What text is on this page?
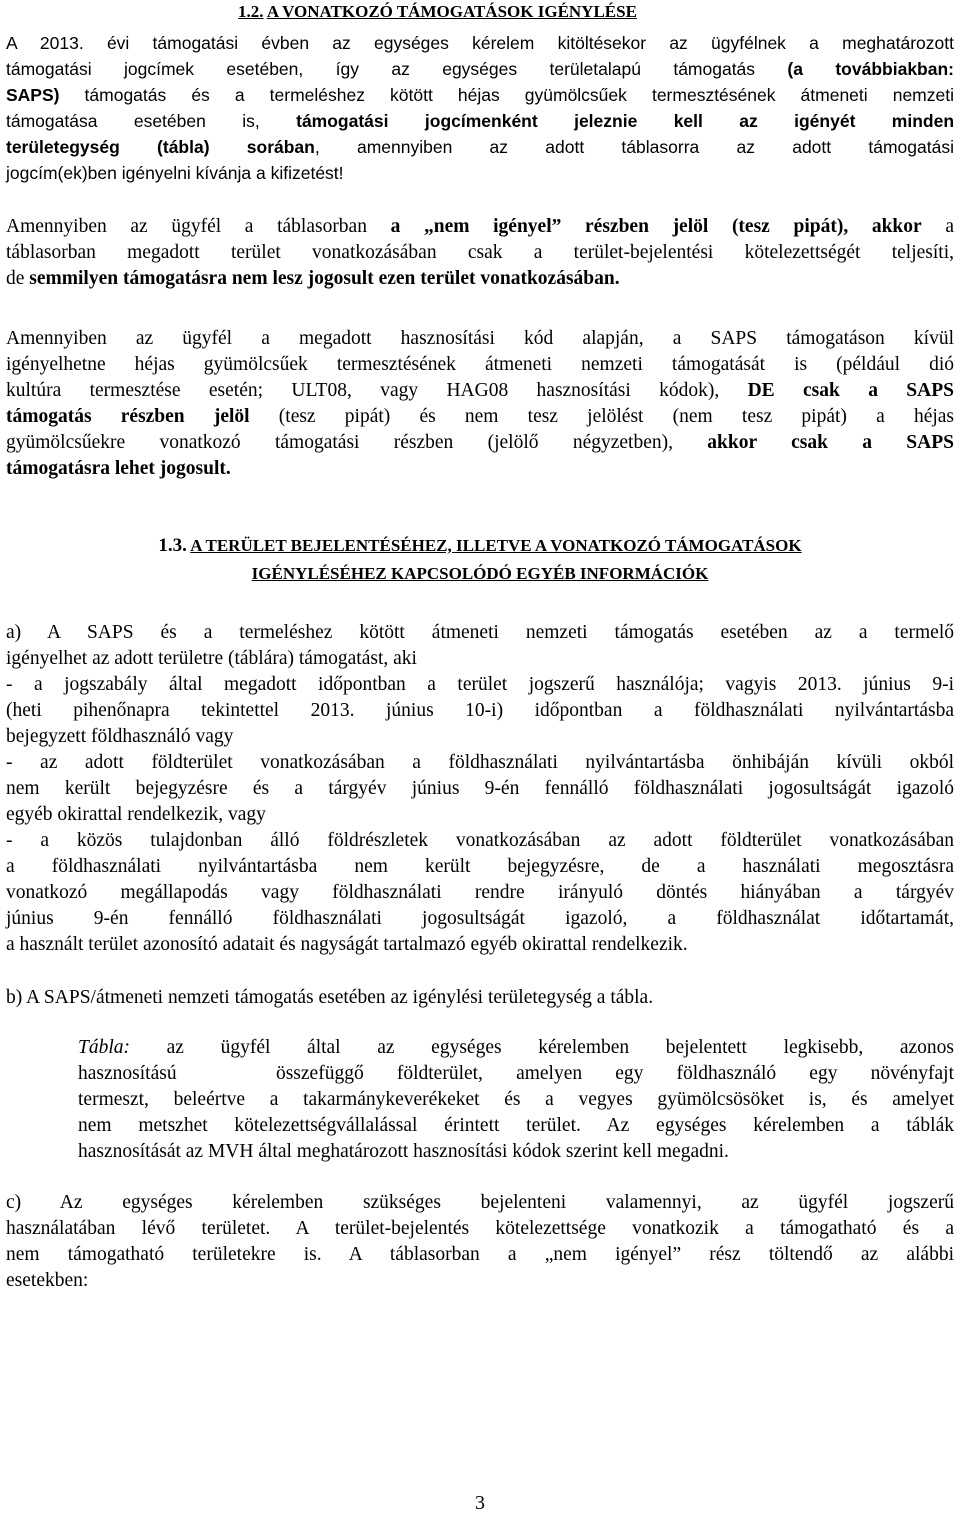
1.2. A VONATKOZÓ TÁMOGATÁSOK IGÉNYLÉSE
A 2013. évi támogatási évben az egységes kérelem kitöltésekor az ügyfélnek a meghatározott
támogatási jogcímek esetében, így az egységes területalapú támogatás (a továbbiakban:
SAPS) támogatás és a termeléshez kötött héjas gyümölcsűek termesztésének átmeneti nemzeti
támogatása esetében is, támogatási jogcímenként jeleznie kell az igényét minden
területegység (tábla) sorában, amennyiben az adott táblasorra az adott támogatási
jogcím(ek)ben igényelni kívánja a kifizetést!
Amennyiben az ügyfél a táblasorban a „nem igényel” részben jelöl (tesz pipát), akkor a
táblasorban megadott terület vonatkozásában csak a terület-bejelentési kötelezettségét teljesíti,
de semmilyen támogatásra nem lesz jogosult ezen terület vonatkozásában.
Amennyiben az ügyfél a megadott hasznosítási kód alapján, a SAPS támogatáson kívül
igényelhetne héjas gyümölcsűek termesztésének átmeneti nemzeti támogatását is (például dió
kultúra termesztése esetén; ULT08, vagy HAG08 hasznosítási kódok), DE csak a SAPS
támogatás részben jelöl (tesz pipát) és nem tesz jelölést (nem tesz pipát) a héjas
gyümölcsűekre vonatkozó támogatási részben (jelölő négyzetben), akkor csak a SAPS
támogatásra lehet jogosult.
1.3. A TERÜLET BEJELENTÉSÉHEZ, ILLETVE A VONATKOZÓ TÁMOGATÁSOK
IGÉNYLÉSÉHEZ KAPCSOLÓDÓ EGYÉB INFORMÁCIÓK
a) A SAPS és a termeléshez kötött átmeneti nemzeti támogatás esetében az a termelő
igényelhet az adott területre (táblára) támogatást, aki
- a jogszabály által megadott időpontban a terület jogszerű használója; vagyis 2013. június 9-i
(heti pihenőnapra tekintettel 2013. június 10-i) időpontban a földhasználati nyilvántartásba
bejegyzett földhasználó vagy
- az adott földterület vonatkozásában a földhasználati nyilvántartásba önhibáján kívüli okból
nem került bejegyzésre és a tárgyév június 9-én fennálló földhasználati jogosultságát igazoló
egyéb okirattal rendelkezik, vagy
- a közös tulajdonban álló földrészletek vonatkozásában az adott földterület vonatkozásában
a földhasználati nyilvántartásba nem került bejegyzésre, de a használati megosztásra
vonatkozó megállapodás vagy földhasználati rendre irányuló döntés hiányában a tárgyév
június 9-én fennálló földhasználati jogosultságát igazoló, a földhasználat időtartamát,
a használt terület azonosító adatait és nagyságát tartalmazó egyéb okirattal rendelkezik.
b) A SAPS/átmeneti nemzeti támogatás esetében az igénylési területegység a tábla.
Tábla: az ügyfél által az egységes kérelemben bejelentett legkisebb, azonos
hasznosítású   összefüggő földterület, amelyen egy földhasználó egy növényfajt
termeszt, beleértve a takarmánykeverékeket és a vegyes gyümölcsösöket is, és amelyet
nem metszhet kötelezettségvállalással érintett terület. Az egységes kérelemben a táblák
hasznosítását az MVH által meghatározott hasznosítási kódok szerint kell megadni.
c) Az egységes kérelemben szükséges bejelenteni valamennyi, az ügyfél jogszerű
használatában lévő területet. A terület-bejelentés kötelezettsége vonatkozik a támogatható és a
nem támogatható területekre is. A táblasorban a „nem igényel” rész töltendő az alábbi
esetekben:
3
